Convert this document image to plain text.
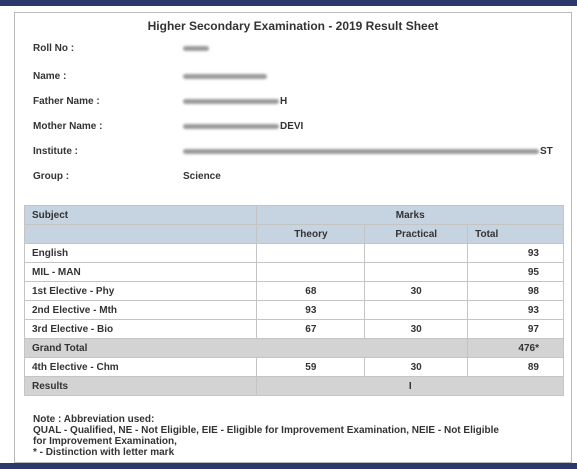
Higher Secondary Examination - 2019 Result Sheet
Roll No :
Name :
Father Name :	H
Mother Name :	DEVI
Institute :	ST
Group :	Science
Subject	Marks		
	Theory	Practical	Total
English			93
MIL - MAN			95
1st Elective - Phy	68	30	98
2nd Elective - Mth	93		93
3rd Elective - Bio	67	30	97
Grand Total			476*
4th Elective - Chm	59	30	89
Results	I		
Note : Abbreviation used:
QUAL - Qualified, NE - Not Eligible, EIE - Eligible for Improvement Examination, NEIE - Not Eligible
for Improvement Examination,
* - Distinction with letter mark
